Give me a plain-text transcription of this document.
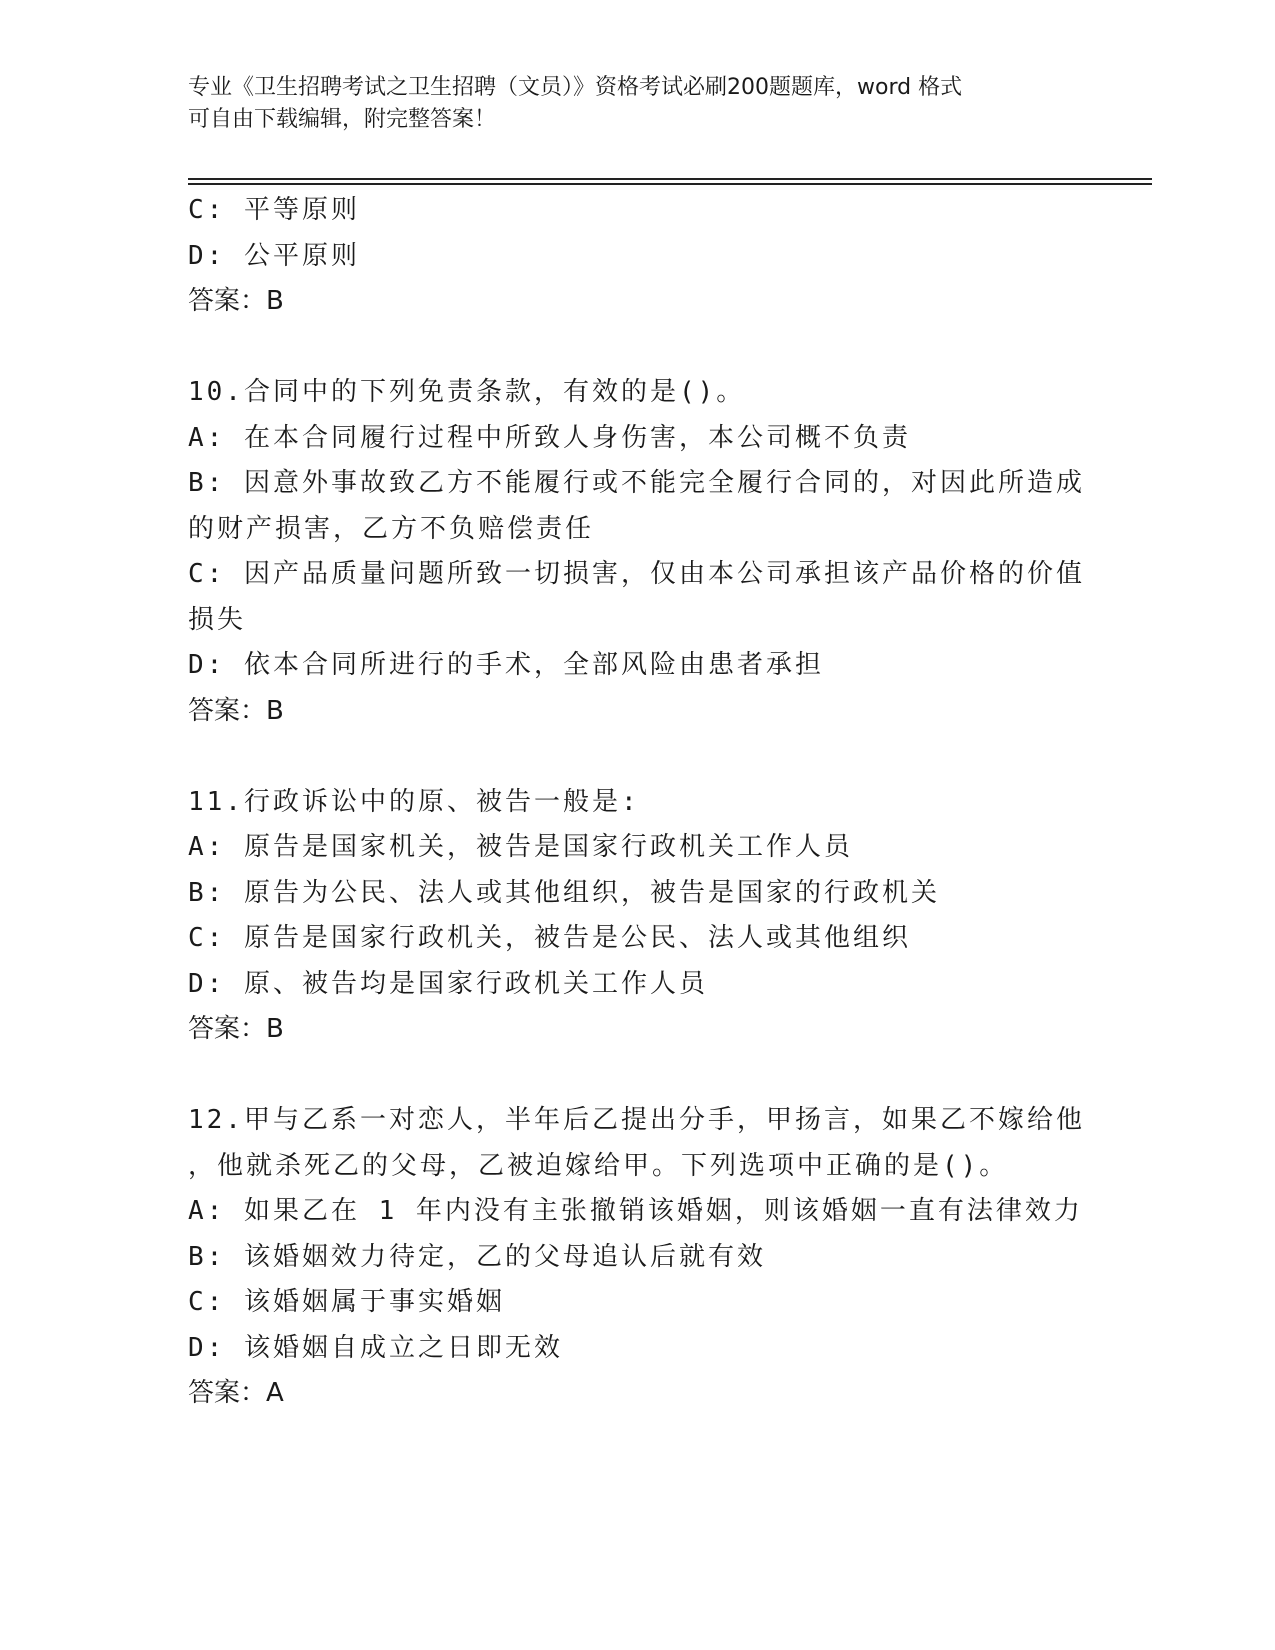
专业《卫生招聘考试之卫生招聘（文员）》资格考试必刷200题题库，word 格式
可自由下载编辑，附完整答案！
C: 平等原则
D: 公平原则
答案：B
10.合同中的下列免责条款，有效的是()。
A: 在本合同履行过程中所致人身伤害，本公司概不负责
B: 因意外事故致乙方不能履行或不能完全履行合同的，对因此所造成
的财产损害，乙方不负赔偿责任
C: 因产品质量问题所致一切损害，仅由本公司承担该产品价格的价值
损失
D: 依本合同所进行的手术，全部风险由患者承担
答案：B
11.行政诉讼中的原、被告一般是:
A: 原告是国家机关，被告是国家行政机关工作人员
B: 原告为公民、法人或其他组织，被告是国家的行政机关
C: 原告是国家行政机关，被告是公民、法人或其他组织
D: 原、被告均是国家行政机关工作人员
答案：B
12.甲与乙系一对恋人，半年后乙提出分手，甲扬言，如果乙不嫁给他
，他就杀死乙的父母，乙被迫嫁给甲。下列选项中正确的是()。
A: 如果乙在 1 年内没有主张撤销该婚姻，则该婚姻一直有法律效力
B: 该婚姻效力待定，乙的父母追认后就有效
C: 该婚姻属于事实婚姻
D: 该婚姻自成立之日即无效
答案：A
